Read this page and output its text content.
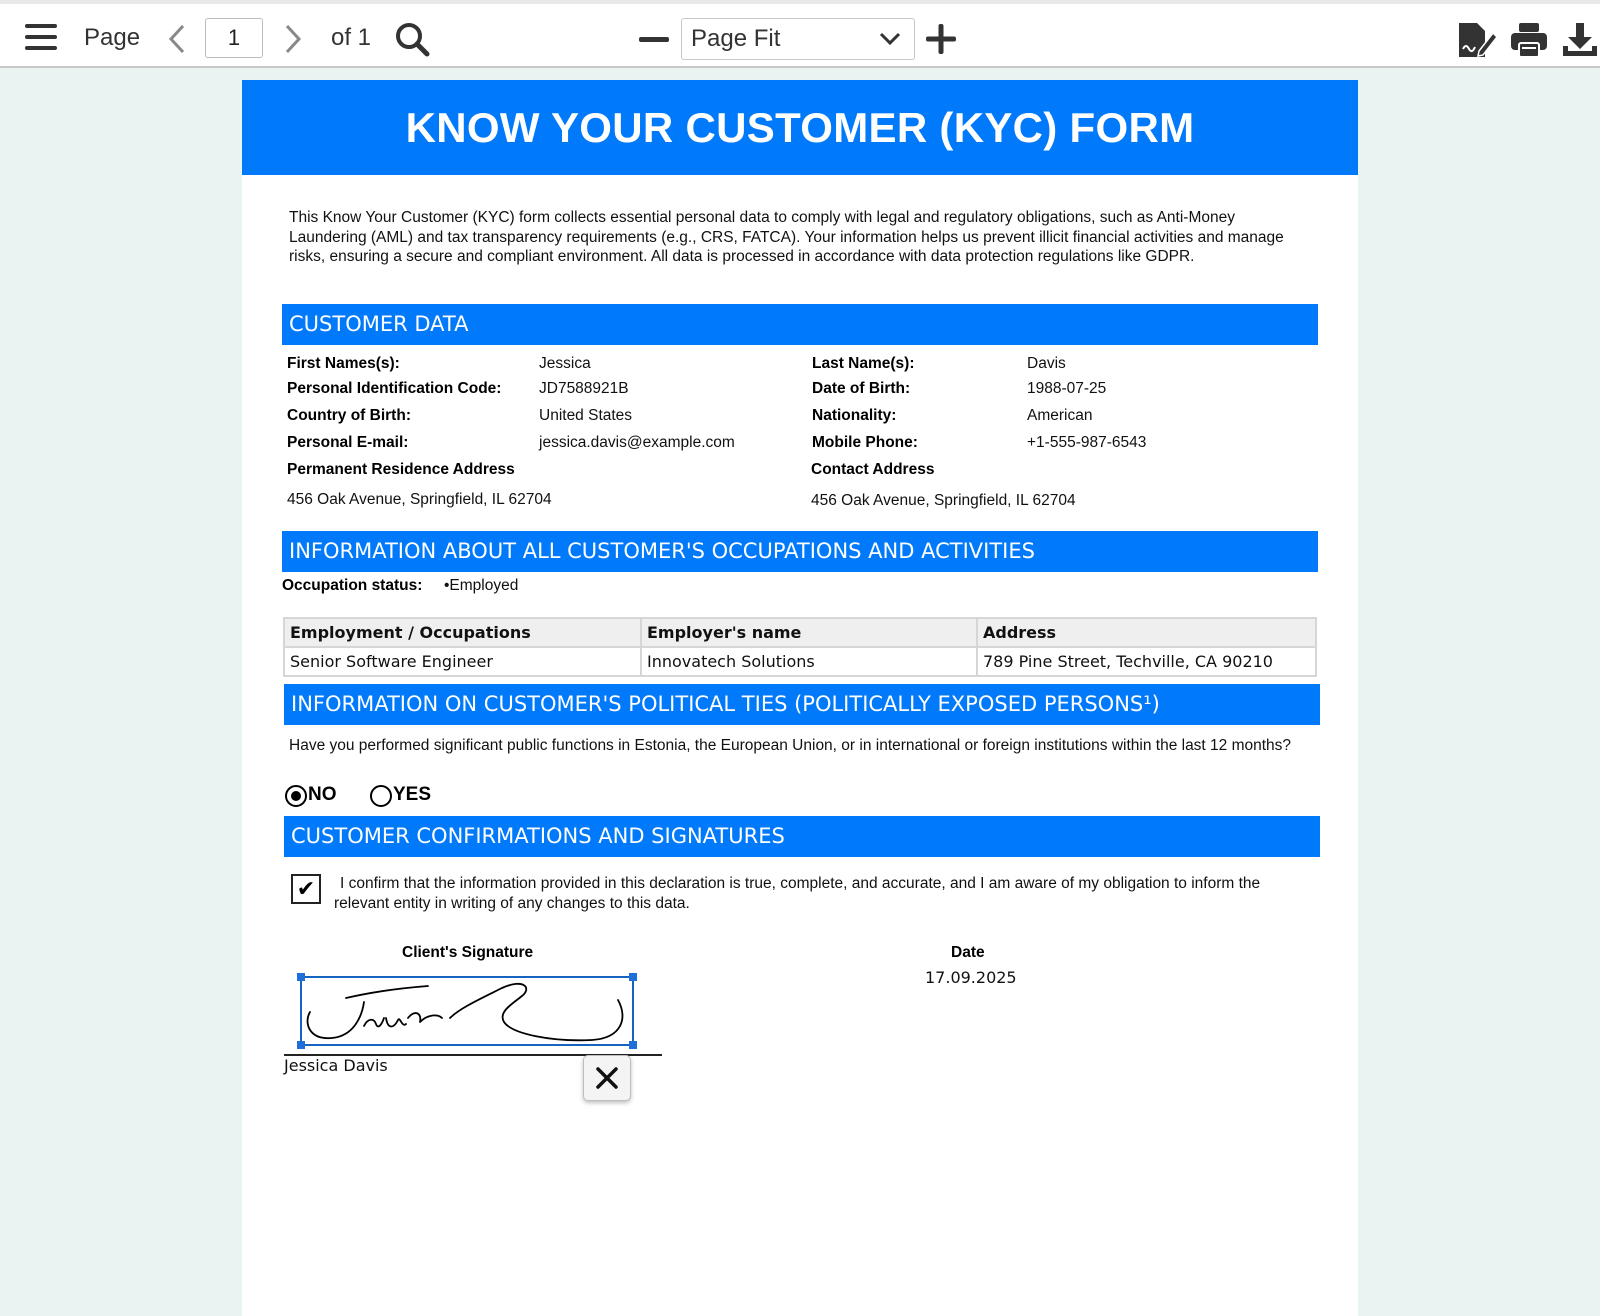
Page
1	of 1	Page Fit
KNOW YOUR CUSTOMER (KYC) FORM
This Know Your Customer (KYC) form collects essential personal data to comply with legal and regulatory obligations, such as Anti-Money Laundering (AML) and tax transparency requirements (e.g., CRS, FATCA). Your information helps us prevent illicit financial activities and manage risks, ensuring a secure and compliant environment. All data is processed in accordance with data protection regulations like GDPR.
CUSTOMER DATA
First Names(s):	Jessica	Last Name(s):	Davis
Personal Identification Code: JD7588921B	Date of Birth:	1988-07-25
Country of Birth:	United States	Nationality:	American
Personal E-mail:	jessica.davis@example.com	Mobile Phone:	+1-555-987-6543
Permanent Residence Address
456 Oak Avenue, Springfield, IL 62704
Contact Address
456 Oak Avenue, Springfield, IL 62704
INFORMATION ABOUT ALL CUSTOMER'S OCCUPATIONS AND ACTIVITIES
Occupation status: •Employed
Employment / Occupations	Employer's name	Address
Senior Software Engineer	Innovatech Solutions	789 Pine Street, Techville, CA 90210
INFORMATION ON CUSTOMER'S POLITICAL TIES (POLITICALLY EXPOSED PERSONS¹)
Have you performed significant public functions in Estonia, the European Union, or in international or foreign institutions within the last 12 months?
NO	YES
CUSTOMER CONFIRMATIONS AND SIGNATURES
✔	I confirm that the information provided in this declaration is true, complete, and accurate, and I am aware of my obligation to inform the relevant entity in writing of any changes to this data.
Client's Signature	Date
17.09.2025
Jessica Davis
